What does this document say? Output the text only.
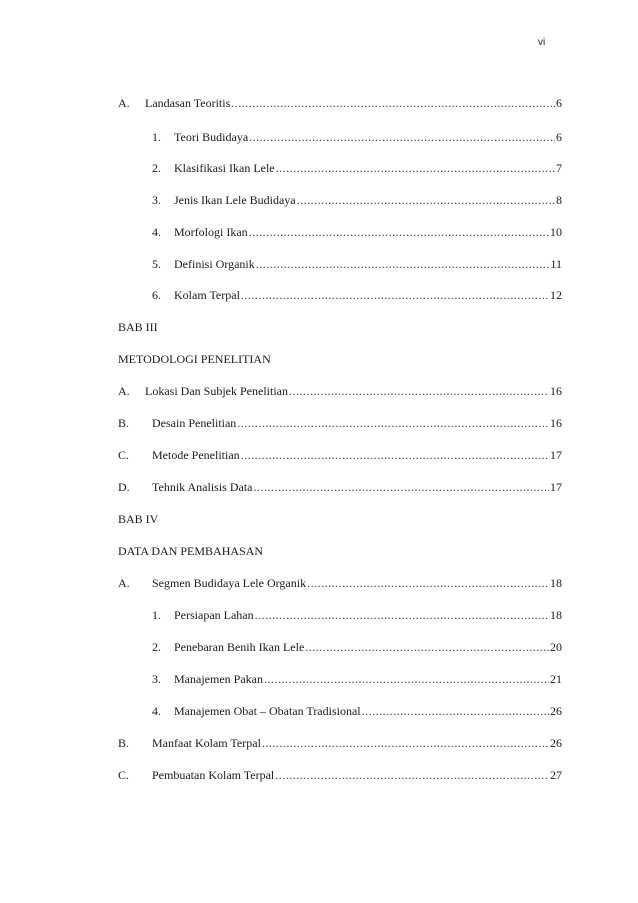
vi
A.	Landasan Teoritis .....	6
1.	Teori Budidaya .....	6
2.	Klasifikasi Ikan Lele .....	7
3.	Jenis Ikan Lele Budidaya .....	8
4.	Morfologi Ikan .....	10
5.	Definisi Organik .....	11
6.	Kolam Terpal .....	12
BAB III
METODOLOGI PENELITIAN
A.	Lokasi Dan Subjek Penelitian .....	16
B.	Desain Penelitian .....	16
C.	Metode Penelitian .....	17
D.	Tehnik Analisis Data .....	17
BAB IV
DATA DAN PEMBAHASAN
A.	Segmen Budidaya Lele Organik .....	18
1.	Persiapan Lahan .....	18
2.	Penebaran Benih Ikan Lele .....	20
3.	Manajemen Pakan .....	21
4.	Manajemen Obat – Obatan Tradisional .....	26
B.	Manfaat Kolam Terpal .....	26
C.	Pembuatan Kolam Terpal .....	27
